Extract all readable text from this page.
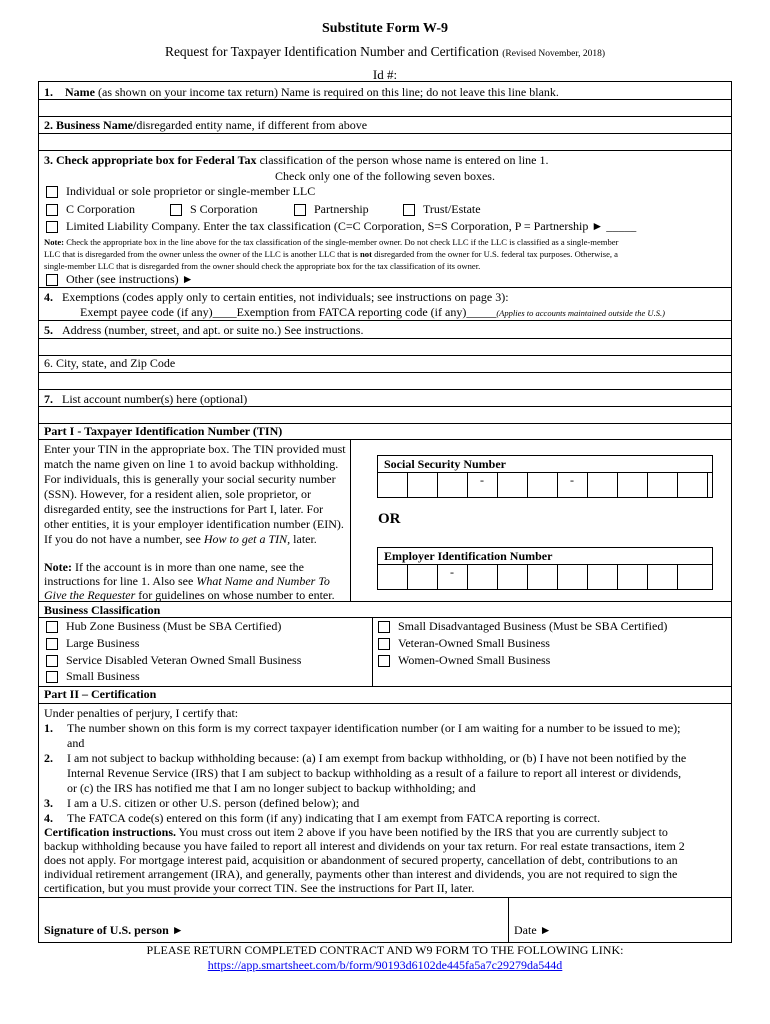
Substitute Form W-9
Request for Taxpayer Identification Number and Certification (Revised November, 2018)
Id #:
1. Name (as shown on your income tax return) Name is required on this line; do not leave this line blank.
2. Business Name/disregarded entity name, if different from above
3. Check appropriate box for Federal Tax classification of the person whose name is entered on line 1.
Check only one of the following seven boxes.
Individual or sole proprietor or single-member LLC
C Corporation	S Corporation	Partnership	Trust/Estate
Limited Liability Company. Enter the tax classification (C=C Corporation, S=S Corporation, P = Partnership ► _____
Note: Check the appropriate box in the line above for the tax classification of the single-member owner. Do not check LLC if the LLC is classified as a single-member
LLC that is disregarded from the owner unless the owner of the LLC is another LLC that is not disregarded from the owner for U.S. federal tax purposes. Otherwise, a
single-member LLC that is disregarded from the owner should check the appropriate box for the tax classification of its owner.
Other (see instructions) ►
4. Exemptions (codes apply only to certain entities, not individuals; see instructions on page 3):
Exempt payee code (if any)____Exemption from FATCA reporting code (if any)_____(Applies to accounts maintained outside the U.S.)
5. Address (number, street, and apt. or suite no.) See instructions.
6. City, state, and Zip Code
7. List account number(s) here (optional)
Part I - Taxpayer Identification Number (TIN)
Enter your TIN in the appropriate box. The TIN provided must
match the name given on line 1 to avoid backup withholding.
For individuals, this is generally your social security number
(SSN). However, for a resident alien, sole proprietor, or
disregarded entity, see the instructions for Part I, later. For
other entities, it is your employer identification number (EIN).
If you do not have a number, see How to get a TIN, later.
Note: If the account is in more than one name, see the
instructions for line 1. Also see What Name and Number To
Give the Requester for guidelines on whose number to enter.
Social Security Number
OR
Employer Identification Number
Business Classification
Hub Zone Business (Must be SBA Certified)
Large Business
Service Disabled Veteran Owned Small Business
Small Business
Small Disadvantaged Business (Must be SBA Certified)
Veteran-Owned Small Business
Women-Owned Small Business
Part II – Certification
Under penalties of perjury, I certify that:
1. The number shown on this form is my correct taxpayer identification number (or I am waiting for a number to be issued to me);
and
2. I am not subject to backup withholding because: (a) I am exempt from backup withholding, or (b) I have not been notified by the
Internal Revenue Service (IRS) that I am subject to backup withholding as a result of a failure to report all interest or dividends,
or (c) the IRS has notified me that I am no longer subject to backup withholding; and
3. I am a U.S. citizen or other U.S. person (defined below); and
4. The FATCA code(s) entered on this form (if any) indicating that I am exempt from FATCA reporting is correct.
Certification instructions. You must cross out item 2 above if you have been notified by the IRS that you are currently subject to
backup withholding because you have failed to report all interest and dividends on your tax return. For real estate transactions, item 2
does not apply. For mortgage interest paid, acquisition or abandonment of secured property, cancellation of debt, contributions to an
individual retirement arrangement (IRA), and generally, payments other than interest and dividends, you are not required to sign the
certification, but you must provide your correct TIN. See the instructions for Part II, later.
Signature of U.S. person ►	Date ►
PLEASE RETURN COMPLETED CONTRACT AND W9 FORM TO THE FOLLOWING LINK:
https://app.smartsheet.com/b/form/90193d6102de445fa5a7c29279da544d
-	-
-
